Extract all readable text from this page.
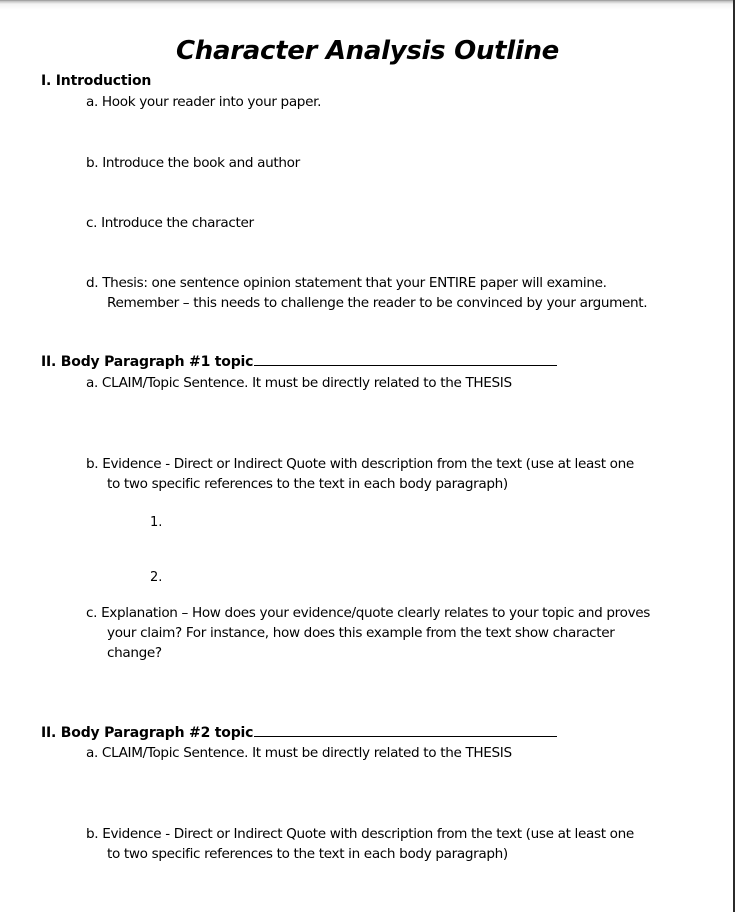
Character Analysis Outline
I. Introduction
a. Hook your reader into your paper.
b. Introduce the book and author
c. Introduce the character
d. Thesis: one sentence opinion statement that your ENTIRE paper will examine.
Remember – this needs to challenge the reader to be convinced by your argument.
II. Body Paragraph #1 topic
a. CLAIM/Topic Sentence. It must be directly related to the THESIS
b. Evidence - Direct or Indirect Quote with description from the text (use at least one
to two specific references to the text in each body paragraph)
1.
2.
c. Explanation – How does your evidence/quote clearly relates to your topic and proves
your claim? For instance, how does this example from the text show character
change?
II. Body Paragraph #2 topic
a. CLAIM/Topic Sentence. It must be directly related to the THESIS
b. Evidence - Direct or Indirect Quote with description from the text (use at least one
to two specific references to the text in each body paragraph)
